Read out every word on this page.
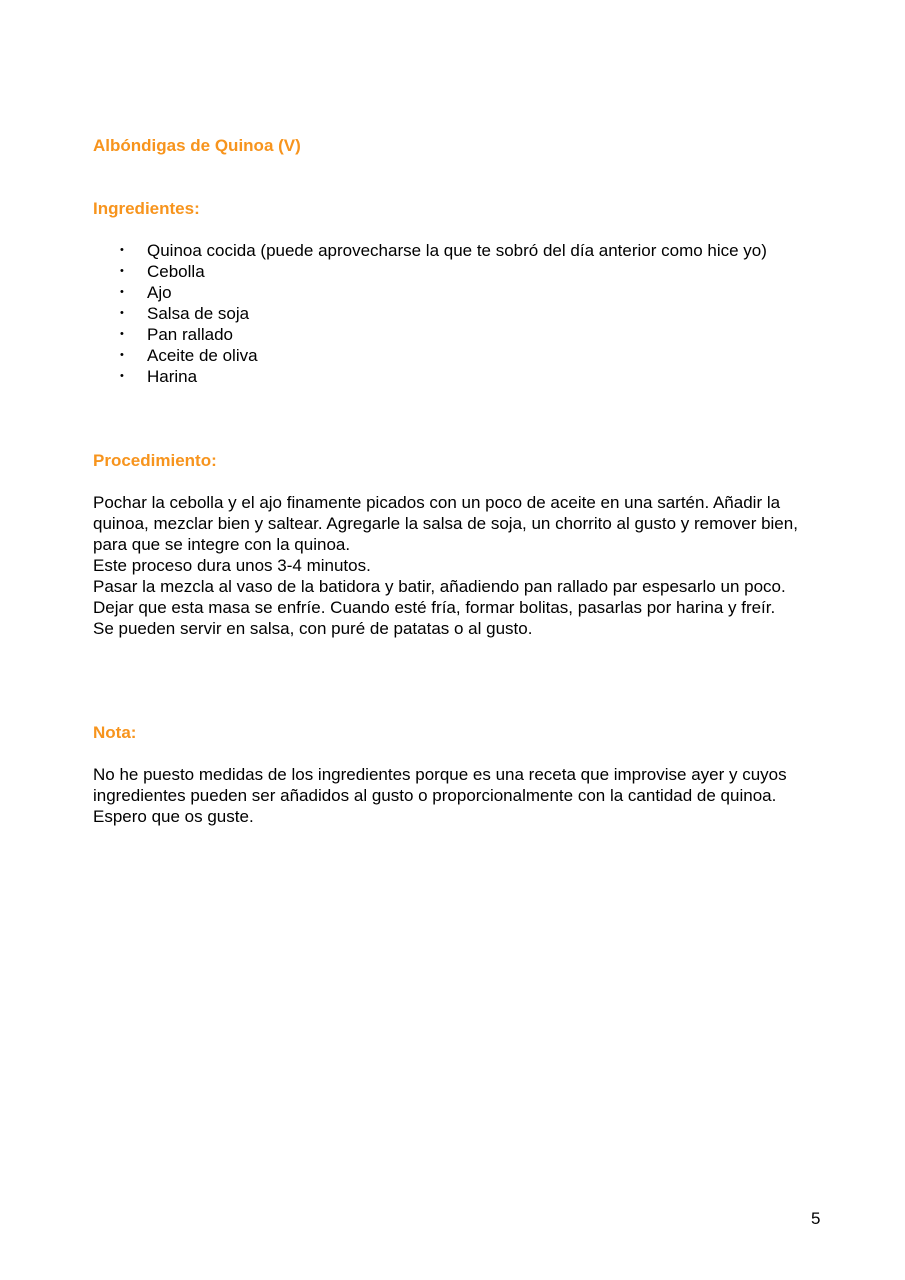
Albóndigas de Quinoa (V)
Ingredientes:
•	Quinoa cocida (puede aprovecharse la que te sobró del día anterior como hice yo)
•	Cebolla
•	Ajo
•	Salsa de soja
•	Pan rallado
•	Aceite de oliva
•	Harina
Procedimiento:

Pochar la cebolla y el ajo finamente picados con un poco de aceite en una sartén. Añadir la quinoa, mezclar bien y saltear. Agregarle la salsa de soja, un chorrito al gusto y remover bien, para que se integre con la quinoa.

Este proceso dura unos 3-4 minutos.

Pasar la mezcla al vaso de la batidora y batir, añadiendo pan rallado par espesarlo un poco.

Dejar que esta masa se enfríe. Cuando esté fría, formar bolitas, pasarlas por harina y freír.

Se pueden servir en salsa, con puré de patatas o al gusto.

Nota:

No he puesto medidas de los ingredientes porque es una receta que improvise ayer y cuyos ingredientes pueden ser añadidos al gusto o proporcionalmente con la cantidad de quinoa. Espero que os guste.

5
